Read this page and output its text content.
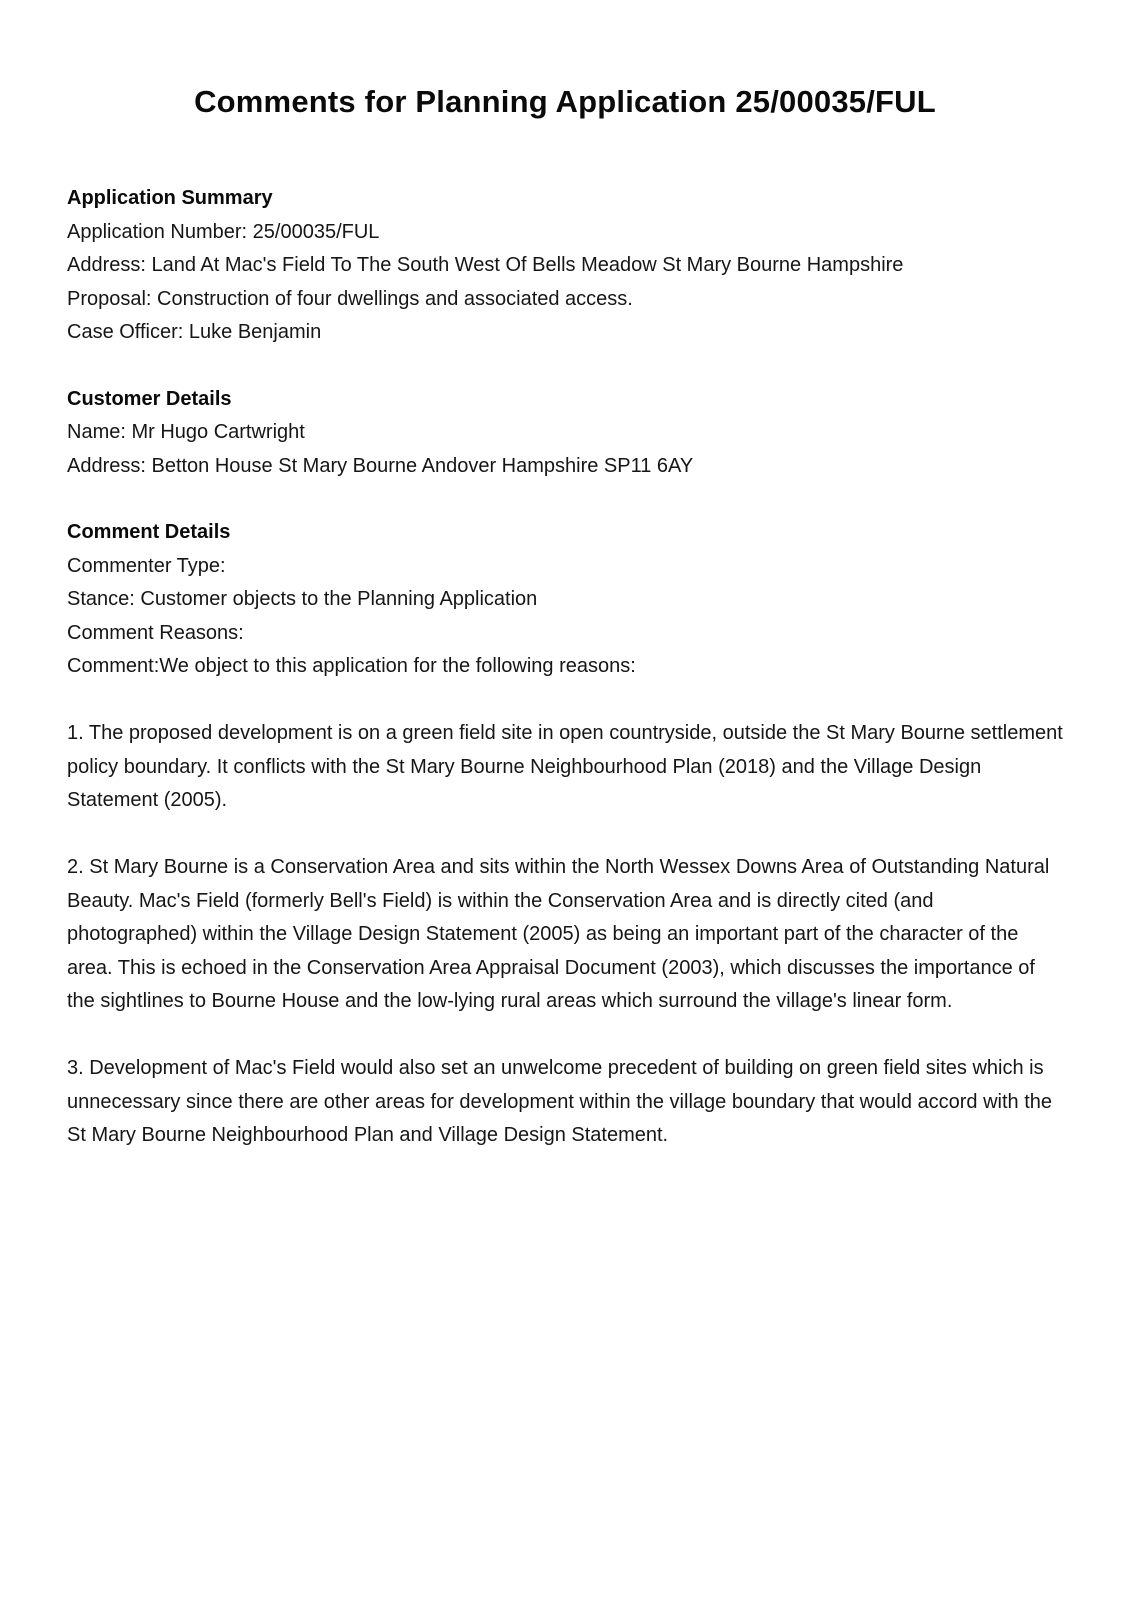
Comments for Planning Application 25/00035/FUL

Application Summary

Application Number: 25/00035/FUL

Address: Land At Mac's Field To The South West Of Bells Meadow St Mary Bourne Hampshire

Proposal: Construction of four dwellings and associated access.

Case Officer: Luke Benjamin

Customer Details

Name: Mr Hugo Cartwright

Address: Betton House St Mary Bourne Andover Hampshire SP11 6AY

Comment Details

Commenter Type:

Stance: Customer objects to the Planning Application

Comment Reasons:

Comment:We object to this application for the following reasons:

1. The proposed development is on a green field site in open countryside, outside the St Mary Bourne settlement policy boundary. It conflicts with the St Mary Bourne Neighbourhood Plan (2018) and the Village Design Statement (2005).

2. St Mary Bourne is a Conservation Area and sits within the North Wessex Downs Area of Outstanding Natural Beauty. Mac's Field (formerly Bell's Field) is within the Conservation Area and is directly cited (and photographed) within the Village Design Statement (2005) as being an important part of the character of the area. This is echoed in the Conservation Area Appraisal Document (2003), which discusses the importance of the sightlines to Bourne House and the low-lying rural areas which surround the village's linear form.

3. Development of Mac's Field would also set an unwelcome precedent of building on green field sites which is unnecessary since there are other areas for development within the village boundary that would accord with the St Mary Bourne Neighbourhood Plan and Village Design Statement.
